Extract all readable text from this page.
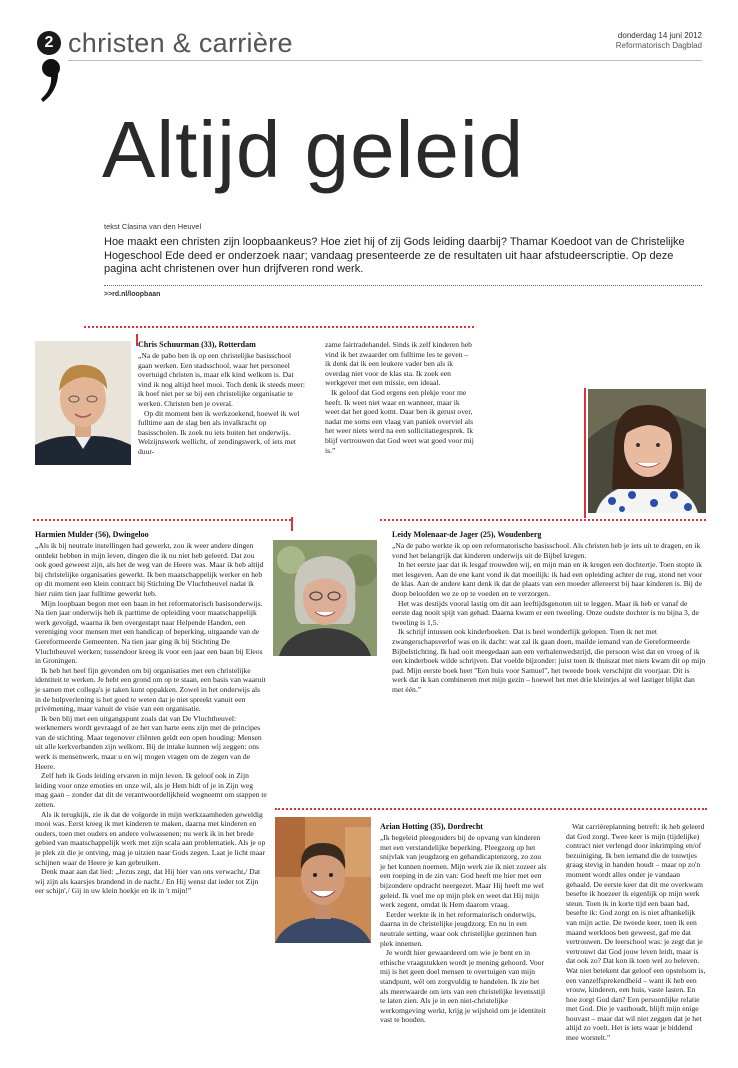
2 christen & carrière	donderdag 14 juni 2012
Reformatorisch Dagblad
Altijd geleid
tekst Clasina van den Heuvel
Hoe maakt een christen zijn loopbaankeus? Hoe ziet hij of zij Gods leiding daarbij? Thamar Koedoot van de Christelijke Hogeschool Ede deed er onderzoek naar; vandaag presenteerde ze de resultaten uit haar afstudeerscriptie. Op deze pagina acht christenen over hun drijfveren rond werk.
>>rd.nl/loopbaan
Chris Schuurman (33), Rotterdam

„Na de pabo ben ik op een christelijke basisschool gaan werken. Een stadsschool, waar het personeel overtuigd christen is, maar elk kind welkom is. Dat vind ik nog altijd heel mooi. Toch denk ik steeds meer: ik hoef niet per se bij een christelijke organisatie te werken. Christen ben je overal.

Op dit moment ben ik werkzoekend, hoewel ik wel fulltime aan de slag ben als invalkracht op basisscholen. Ik zoek nu iets buiten het onderwijs. Welzijnswerk wellicht, of zendingswerk, of iets met duur-

zame fairtradehandel. Sinds ik zelf kinderen heb vind ik het zwaarder om fulltime les te geven – ik denk dat ik een leukere vader ben als ik overdag niet voor de klas sta. Ik zoek een werkgever met een missie, een ideaal.

Ik geloof dat God ergens een plekje voor me heeft. Ik weet niet waar en wanneer, maar ik weet dat het goed komt. Daar ben ik gerust over, nadat me soms een vlaag van paniek overviel als het weer niets werd na een sollicitatiegesprek. Ik blijf vertrouwen dat God weet wat goed voor mij is.”

Harmien Mulder (56), Dwingeloo

„Als ik bij neutrale instellingen had gewerkt, zou ik weer andere dingen ontdekt hebben in mijn leven, dingen die ik nu niet heb geleerd. Dat zou ook goed geweest zijn, als het de weg van de Heere was. Maar ik heb altijd bij christelijke organisaties gewerkt. Ik ben maatschappelijk werker en heb op dit moment een klein contract bij Stichting De Vluchtheuvel nadat ik hier ruim tien jaar fulltime gewerkt heb.

Mijn loopbaan begon met een baan in het reformatorisch basisonderwijs. Na tien jaar onderwijs heb ik parttime de opleiding voor maatschappelijk werk gevolgd, waarna ik ben overgestapt naar Helpende Handen, een vereniging voor mensen met een handicap of beperking, uitgaande van de Gereformeerde Gemeenten. Na tien jaar ging ik bij Stichting De Vluchtheuvel werken; tussendoor kreeg ik voor een jaar een baan bij Eleos in Groningen.

Ik heb het heel fijn gevonden om bij organisaties met een christelijke identiteit te werken. Je hebt een grond om op te staan, een basis van waaruit je samen met collega's je taken kunt oppakken. Zowel in het onderwijs als in de hulpverlening is het goed te weten dat je niet spreekt vanuit een privémening, maar vanuit de visie van een organisatie.

Ik ben blij met een uitgangspunt zoals dat van De Vluchtheuvel: werknemers wordt gevraagd of ze het van harte eens zijn met de principes van de stichting. Maar tegenover cliënten geldt een open houding: Mensen uit alle kerkverbanden zijn welkom. Bij de intake kunnen wij zeggen: ons werk is mensenwerk, maar u en wij mogen vragen om de zegen van de Heere.

Zelf heb ik Gods leiding ervaren in mijn leven. Ik geloof ook in Zijn leiding voor onze emoties en onze wil, als je Hem bidt of je in Zijn weg mag gaan – zonder dat dit de verantwoordelijkheid wegneemt om stappen te zetten.

Als ik terugkijk, zie ik dat de volgorde in mijn werkzaamheden geweldig mooi was. Eerst kreeg ik met kinderen te maken, daarna met kinderen en ouders, toen met ouders en andere volwassenen; nu werk ik in het brede gebied van maatschappelijk werk met zijn scala aan problematiek. Als je op je plek zit die je ontving, mag je uitzien naar Gods zegen. Laat je licht maar schijnen waar de Heere je kan gebruiken.

Denk maar aan dat lied: „Jezus zegt, dat Hij hier van ons verwacht,/ Dat wij zijn als kaarsjes brandend in de nacht./ En Hij wenst dat ieder tot Zijn eer schijn',/ Gij in uw klein hoekje en ik in 't mijn!”

Leidy Molenaar-de Jager (25), Woudenberg

„Na de pabo werkte ik op een reformatorische basisschool. Als christen heb je iets uit te dragen, en ik vond het belangrijk dat kinderen onderwijs uit de Bijbel kregen.

In het eerste jaar dat ik lesgaf trouwden wij, en mijn man en ik kregen een dochtertje. Toen stopte ik met lesgeven. Aan de ene kant vond ik dat moeilijk: ik had een opleiding achter de rug, stond net voor de klas. Aan de andere kant denk ik dat de plaats van een moeder allereerst bij haar kinderen is. Bij de doop beloofden we ze op te voeden en te verzorgen.

Het was destijds vooral lastig om dit aan leeftijdsgenoten uit te leggen. Maar ik heb er vanaf de eerste dag nooit spijt van gehad. Daarna kwam er een tweeling. Onze oudste dochter is nu bijna 3, de tweeling is 1,5.

Ik schrijf intussen ook kinderboeken. Dat is heel wonderlijk gelopen. Toen ik net met zwangerschapsverlof was en ik dacht: wat zal ik gaan doen, mailde iemand van de Gereformeerde Bijbelstichting. Ik had ooit meegedaan aan een verhalenwedstrijd, die persoon wist dat en vroeg of ik een kinderboek wilde schrijven. Dat voelde bijzonder: juist toen ik thuiszat met niets kwam dit op mijn pad. Mijn eerste boek heet "Een huis voor Samuel", het tweede boek verschijnt dit voorjaar. Dit is werk dat ik kan combineren met mijn gezin – hoewel het met drie kleintjes al wel lastiger blijkt dan met één.”

Arian Hotting (35), Dordrecht

„Ik begeleid pleegouders bij de opvang van kinderen met een verstandelijke beperking. Pleegzorg op het snijvlak van jeugdzorg en gehandicaptenzorg, zo zou je het kunnen noemen. Mijn werk zie ik niet zozeer als een roeping in de zin van: God heeft me hier met een bijzondere opdracht neergezet. Maar Hij heeft me wel geleid. Ik voel me op mijn plek en weet dat Hij mijn werk zegent, omdat ik Hem daarom vraag.

Eerder werkte ik in het reformatorisch onderwijs, daarna in de christelijke jeugdzorg. En nu in een neutrale setting, waar ook christelijke gezinnen hun plek innemen.

Je wordt hier gewaardeerd om wie je bent en in ethische vraagstukken wordt je mening gehoord. Voor mij is het geen doel mensen te overtuigen van mijn standpunt, wél om zorgvuldig te handelen. Ik zie het als meerwaarde om iets van een christelijke levensstijl te laten zien. Als je in een niet-christelijke werkomgeving werkt, krijg je wijsheid om je identiteit vast te houden.

Wat carrièreplanning betreft: ik heb geleerd dat God zorgt. Twee keer is mijn (tijdelijke) contract niet verlengd door inkrimping en/of bezuiniging. Ik ben iemand die de touwtjes graag stevig in handen houdt – maar op zo'n moment wordt alles onder je vandaan gehaald. De eerste keer dat dit me overkwam besefte ik hoezeer ik eigenlijk op mijn werk steun. Toen ik in korte tijd een baan had, besefte ik: God zorgt en is niet afhankelijk van mijn actie. De tweede keer, toen ik een maand werkloos ben geweest, gaf me dat vertrouwen. De leerschool was: je zegt dat je vertrouwt dat God jouw leven leidt, maar is dat ook zo? Dat kon ik toen wel zo beleven. Wat niet betekent dat geloof een opstelsom is, een vanzelfsprekendheid – want ik heb een vrouw, kinderen, een huis, vaste lasten. En hoe zorgt God dan? Een persoonlijke relatie met God. Die je vasthoudt, blijft mijn enige houvast – maar dat wil niet zeggen dat je het altijd zo voelt. Het is iets waar je biddend mee worstelt.”
